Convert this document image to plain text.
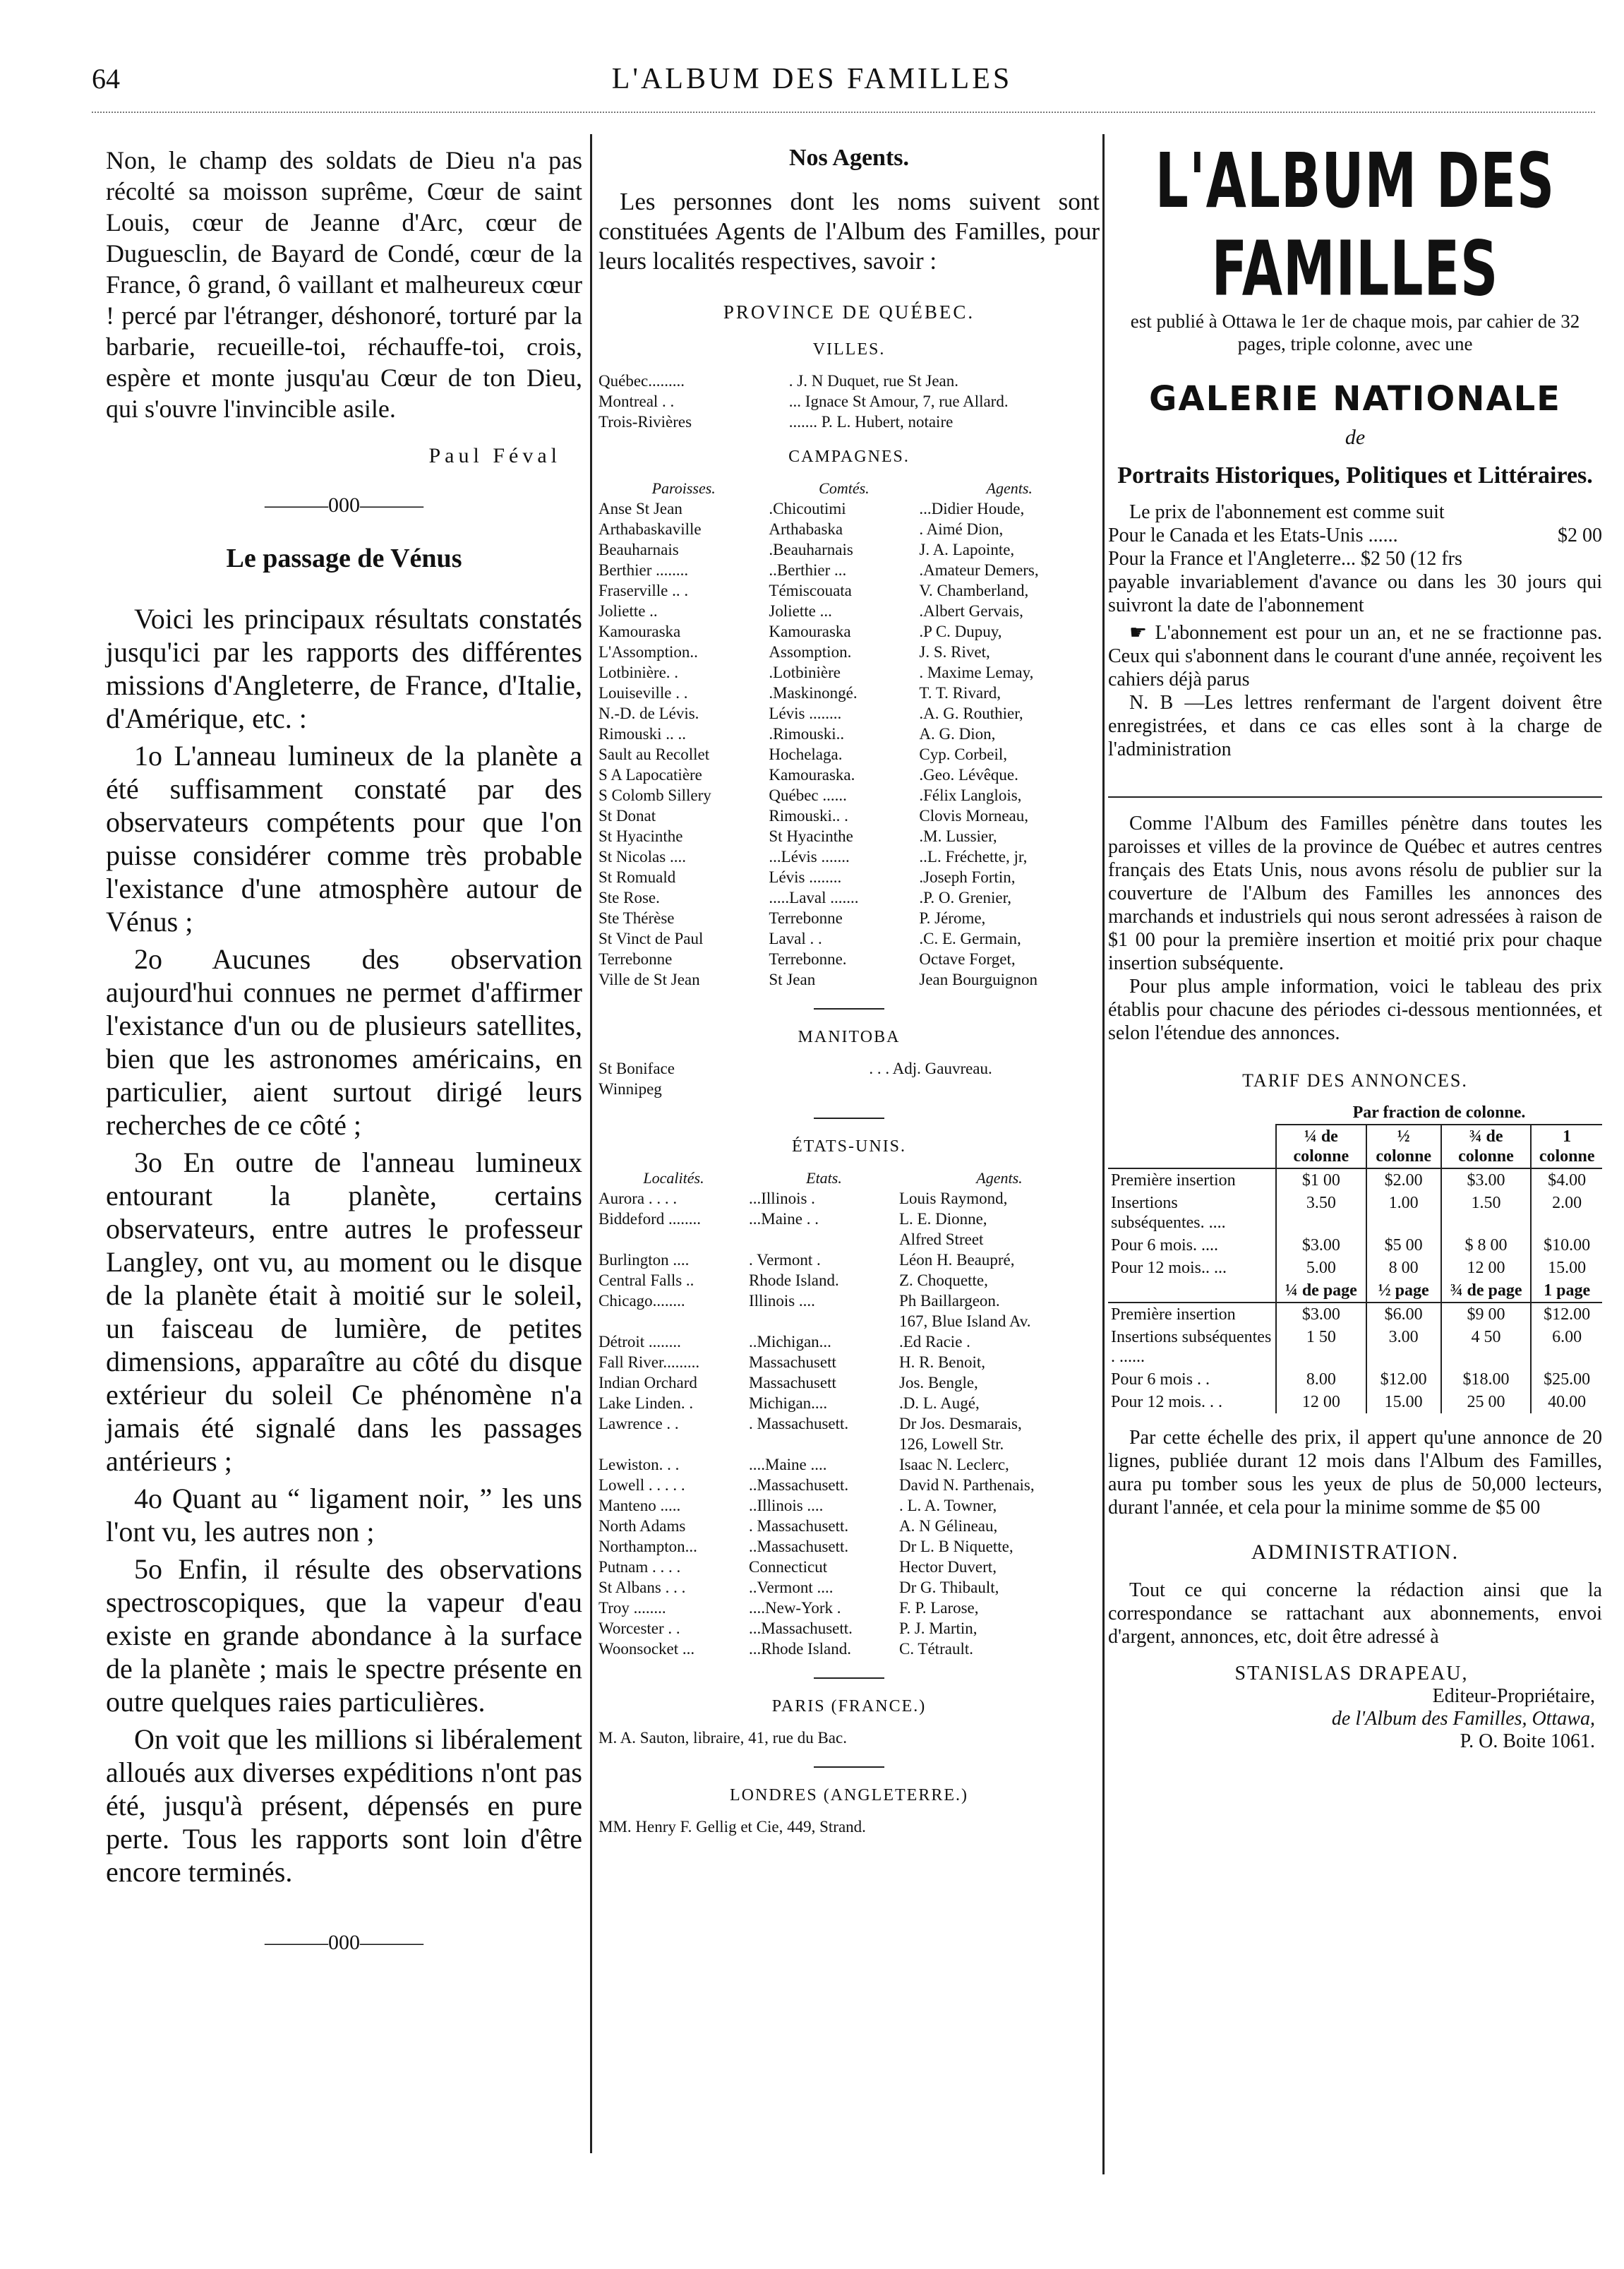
64	L'ALBUM DES FAMILLES

Non, le champ des soldats de Dieu n'a pas récolté sa moisson suprême, Cœur de saint Louis, cœur de Jeanne d'Arc, cœur de Duguesclin, de Bayard de Condé, cœur de la France, ô grand, ô vaillant et malheureux cœur ! percé par l'étranger, déshonoré, torturé par la barbarie, recueille-toi, réchauffe-toi, crois, espère et monte jusqu'au Cœur de ton Dieu, qui s'ouvre l'invincible asile.

Paul Féval
———000———
Le passage de Vénus

Voici les principaux résultats constatés jusqu'ici par les rapports des différentes missions d'Angleterre, de France, d'Italie, d'Amérique, etc. :

1o L'anneau lumineux de la planète a été suffisamment constaté par des observateurs compétents pour que l'on puisse considérer comme très probable l'existance d'une atmosphère autour de Vénus ;

2o Aucunes des observation aujourd'hui connues ne permet d'affirmer l'existance d'un ou de plusieurs satellites, bien que les astronomes américains, en particulier, aient surtout dirigé leurs recherches de ce côté ;

3o En outre de l'anneau lumineux entourant la planète, certains observateurs, entre autres le professeur Langley, ont vu, au moment ou le disque de la planète était à moitié sur le soleil, un faisceau de lumière, de petites dimensions, apparaître au côté du disque extérieur du soleil Ce phénomène n'a jamais été signalé dans les passages antérieurs ;

4o Quant au “ ligament noir, ” les uns l'ont vu, les autres non ;

5o Enfin, il résulte des observations spectroscopiques, que la vapeur d'eau existe en grande abondance à la surface de la planète ; mais le spectre présente en outre quelques raies particulières.

On voit que les millions si libéralement alloués aux diverses expéditions n'ont pas été, jusqu'à présent, dépensés en pure perte. Tous les rapports sont loin d'être encore terminés.

———000———
Nos Agents.

Les personnes dont les noms suivent sont constituées Agents de l'Album des Familles, pour leurs localités respectives, savoir :

PROVINCE DE QUÉBEC.
VILLES.
Québec.........	. J. N Duquet, rue St Jean.
Montreal . .	... Ignace St Amour, 7, rue Allard.
Trois-Rivières	....... P. L. Hubert, notaire
CAMPAGNES.
Paroisses.	Comtés.	Agents.
Anse St Jean	.Chicoutimi	...Didier Houde,
Arthabaskaville	Arthabaska	. Aimé Dion,
Beauharnais	.Beauharnais	J. A. Lapointe,
Berthier ........	..Berthier ...	.Amateur Demers,
Fraserville .. .	Témiscouata	V. Chamberland,
Joliette ..	Joliette ...	.Albert Gervais,
Kamouraska	Kamouraska	.P C. Dupuy,
L'Assomption..	Assomption.	J. S. Rivet,
Lotbinière. .	.Lotbinière	. Maxime Lemay,
Louiseville . .	.Maskinongé.	T. T. Rivard,
N.-D. de Lévis.	Lévis ........	.A. G. Routhier,
Rimouski .. ..	.Rimouski..	A. G. Dion,
Sault au Recollet	Hochelaga.	Cyp. Corbeil,
S A Lapocatière	Kamouraska.	.Geo. Lévêque.
S Colomb Sillery	Québec ......	.Félix Langlois,
St Donat	Rimouski.. .	Clovis Morneau,
St Hyacinthe	St Hyacinthe	.M. Lussier,
St Nicolas ....	...Lévis .......	..L. Fréchette, jr,
St Romuald	Lévis ........	.Joseph Fortin,
Ste Rose.	.....Laval .......	.P. O. Grenier,
Ste Thérèse	Terrebonne	P. Jérome,
St Vinct de Paul	Laval . .	.C. E. Germain,
Terrebonne	Terrebonne.	Octave Forget,
Ville de St Jean	St Jean	Jean Bourguignon
MANITOBA
St Boniface		. . . Adj. Gauvreau.
Winnipeg		
ÉTATS-UNIS.
Localités.	Etats.	Agents.
Aurora . . . .	...Illinois .	Louis Raymond,
Biddeford ........	...Maine . .	L. E. Dionne,
		Alfred Street
Burlington ....	. Vermont .	Léon H. Beaupré,
Central Falls ..	Rhode Island.	Z. Choquette,
Chicago........	Illinois ....	Ph Baillargeon.
		167, Blue Island Av.
Détroit ........	..Michigan...	.Ed Racie .
Fall River.........	Massachusett	H. R. Benoit,
Indian Orchard	Massachusett	Jos. Bengle,
Lake Linden. .	Michigan....	.D. L. Augé,
Lawrence . .	. Massachusett.	Dr Jos. Desmarais,
		126, Lowell Str.
Lewiston. . .	....Maine ....	Isaac N. Leclerc,
Lowell . . . . .	..Massachusett.	David N. Parthenais,
Manteno .....	..Illinois ....	. L. A. Towner,
North Adams	. Massachusett.	A. N Gélineau,
Northampton...	..Massachusett.	Dr L. B Niquette,
Putnam . . . .	Connecticut	Hector Duvert,
St Albans . . .	..Vermont ....	Dr G. Thibault,
Troy ........	....New-York .	F. P. Larose,
Worcester . .	...Massachusett.	P. J. Martin,
Woonsocket ...	...Rhode Island.	C. Tétrault.
PARIS (FRANCE.)
M. A. Sauton, libraire, 41, rue du Bac.
LONDRES (ANGLETERRE.)
MM. Henry F. Gellig et Cie, 449, Strand.
L'ALBUM DES FAMILLES

est publié à Ottawa le 1er de chaque mois, par cahier de 32 pages, triple colonne, avec une

GALERIE NATIONALE
de
Portraits Historiques, Politiques et Littéraires.

Le prix de l'abonnement est comme suit

Pour le Canada et les Etats-Unis ......	$2 00
Pour la France et l'Angleterre... $2 50 (12 frs

payable invariablement d'avance ou dans les 30 jours qui suivront la date de l'abonnement

☛ L'abonnement est pour un an, et ne se fractionne pas. Ceux qui s'abonnent dans le courant d'une année, reçoivent les cahiers déjà parus

N. B —Les lettres renfermant de l'argent doivent être enregistrées, et dans ce cas elles sont à la charge de l'administration

Comme l'Album des Familles pénètre dans toutes les paroisses et villes de la province de Québec et autres centres français des Etats Unis, nous avons résolu de publier sur la couverture de l'Album des Familles les annonces des marchands et industriels qui nous seront adressées à raison de $1 00 pour la première insertion et moitié prix pour chaque insertion subséquente.

Pour plus ample information, voici le tableau des prix établis pour chacune des périodes ci-dessous mentionnées, et selon l'étendue des annonces.

TARIF DES ANNONCES.
	Par fraction de colonne.			
	¼ de colonne	½ colonne	¾ de colonne	1 colonne
Première insertion	$1 00	$2.00	$3.00	$4.00
Insertions subséquentes. ....	3.50	1.00	1.50	2.00
Pour 6 mois. ....	$3.00	$5 00	$ 8 00	$10.00
Pour 12 mois.. ...	5.00	8 00	12 00	15.00
	¼ de page	½ page	¾ de page	1 page
Première insertion	$3.00	$6.00	$9 00	$12.00
Insertions subséquentes . ......	1 50	3.00	4 50	6.00
Pour 6 mois . .	8.00	$12.00	$18.00	$25.00
Pour 12 mois. . .	12 00	15.00	25 00	40.00

Par cette échelle des prix, il appert qu'une annonce de 20 lignes, publiée durant 12 mois dans l'Album des Familles, aura pu tomber sous les yeux de plus de 50,000 lecteurs, durant l'année, et cela pour la minime somme de $5 00

ADMINISTRATION.

Tout ce qui concerne la rédaction ainsi que la correspondance se rattachant aux abonnements, envoi d'argent, annonces, etc, doit être adressé à

STANISLAS DRAPEAU,
Editeur-Propriétaire,
de l'Album des Familles, Ottawa,
P. O. Boite 1061.
